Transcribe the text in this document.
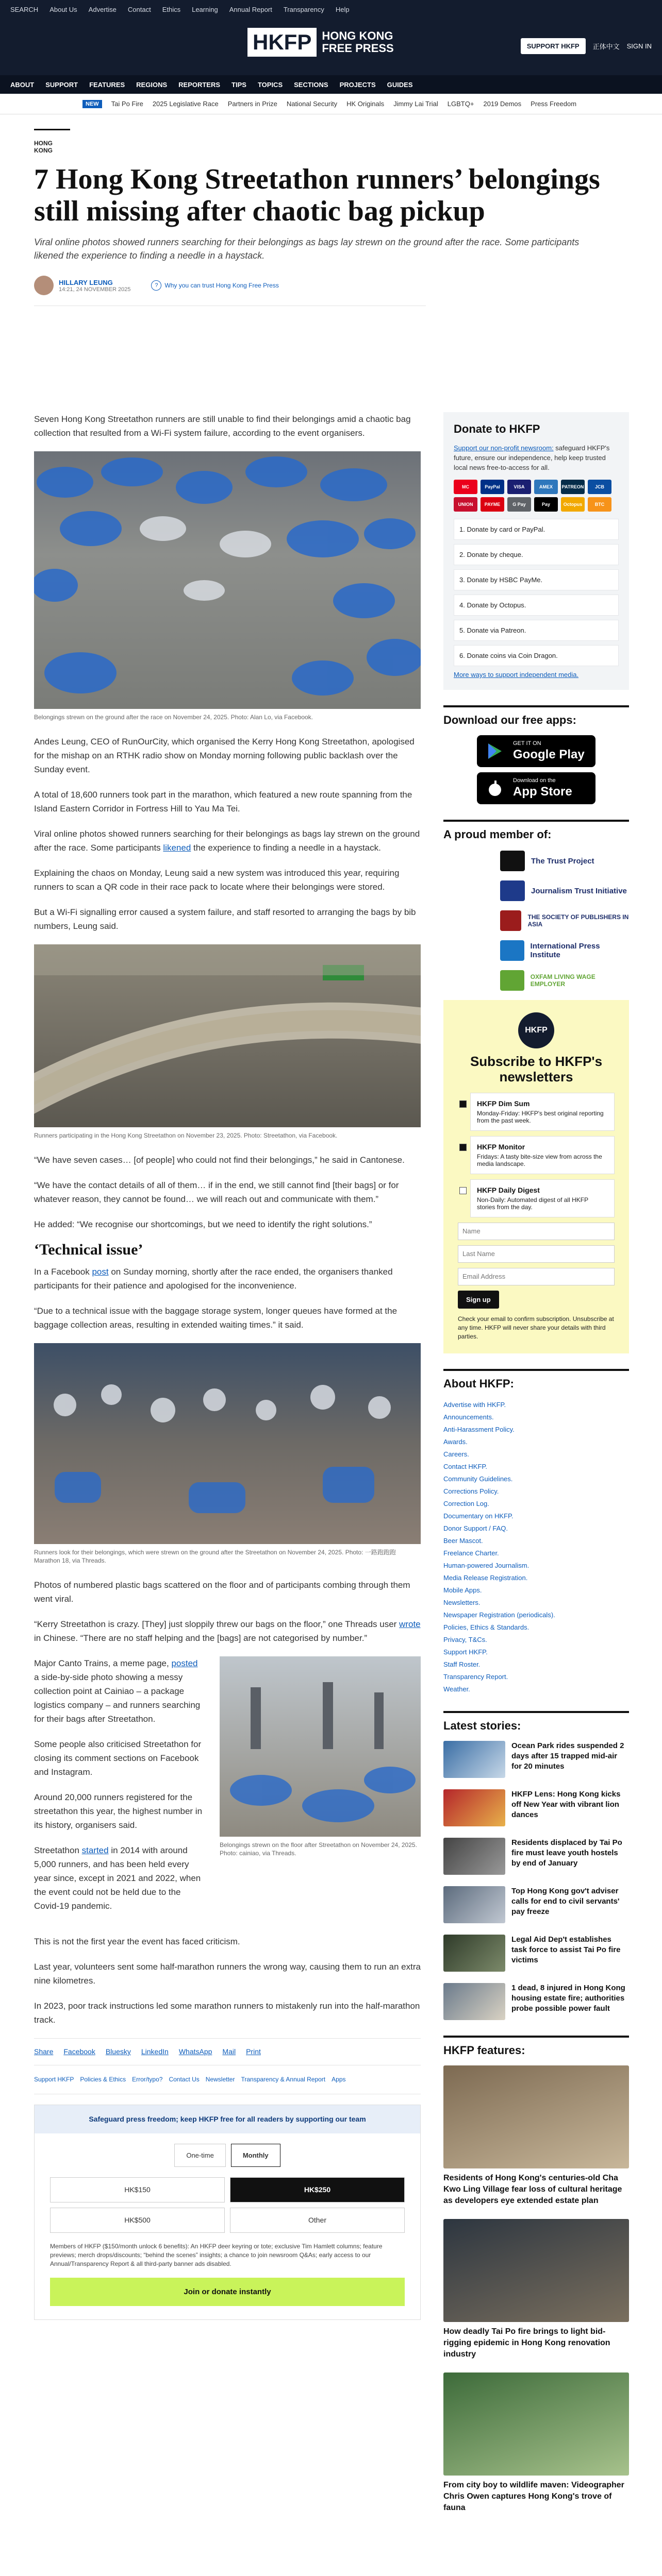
SEARCH About Us Advertise Contact Ethics Learning Annual Report Transparency Help
HKFP HONG KONG FREE PRESS	SUPPORT HKFP	正体中文 SIGN IN
ABOUT SUPPORT FEATURES REGIONS REPORTERS TIPS TOPICS SECTIONS PROJECTS GUIDES
NEW	Tai Po Fire 2025 Legislative Race Partners in Prize National Security HK Originals Jimmy Lai Trial LGBTQ+ 2019 Demos Press Freedom
HONG KONG
7 Hong Kong Streetathon runners’ belongings still missing after chaotic bag pickup
Viral online photos showed runners searching for their belongings as bags lay strewn on the ground after the race. Some participants likened the experience to finding a needle in a haystack.
HILLARY LEUNG
14:21, 24 NOVEMBER 2025
?	Why you can trust Hong Kong Free Press

Seven Hong Kong Streetathon runners are still unable to find their belongings amid a chaotic bag collection that resulted from a Wi-Fi system failure, according to the event organisers.

Belongings strewn on the ground after the race on November 24, 2025. Photo: Alan Lo, via Facebook.

Andes Leung, CEO of RunOurCity, which organised the Kerry Hong Kong Streetathon, apologised for the mishap on an RTHK radio show on Monday morning following public backlash over the Sunday event.

A total of 18,600 runners took part in the marathon, which featured a new route spanning from the Island Eastern Corridor in Fortress Hill to Yau Ma Tei.

Viral online photos showed runners searching for their belongings as bags lay strewn on the ground after the race. Some participants likened the experience to finding a needle in a haystack.

Explaining the chaos on Monday, Leung said a new system was introduced this year, requiring runners to scan a QR code in their race pack to locate where their belongings were stored.

But a Wi-Fi signalling error caused a system failure, and staff resorted to arranging the bags by bib numbers, Leung said.

Runners participating in the Hong Kong Streetathon on November 23, 2025. Photo: Streetathon, via Facebook.

“We have seven cases… [of people] who could not find their belongings,” he said in Cantonese.

“We have the contact details of all of them… if in the end, we still cannot find [their bags] or for whatever reason, they cannot be found… we will reach out and communicate with them.”

He added: “We recognise our shortcomings, but we need to identify the right solutions.”

‘Technical issue’

In a Facebook post on Sunday morning, shortly after the race ended, the organisers thanked participants for their patience and apologised for the inconvenience.

“Due to a technical issue with the baggage storage system, longer queues have formed at the baggage collection areas, resulting in extended waiting times.” it said.

Runners look for their belongings, which were strewn on the ground after the Streetathon on November 24, 2025. Photo: 一路跑跑跑Marathon 18, via Threads.

Photos of numbered plastic bags scattered on the floor and of participants combing through them went viral.

“Kerry Streetathon is crazy. [They] just sloppily threw our bags on the floor,” one Threads user wrote in Chinese. “There are no staff helping and the [bags] are not categorised by number.”

Major Canto Trains, a meme page, posted a side-by-side photo showing a messy collection point at Cainiao – a package logistics company – and runners searching for their bags after Streetathon.

Some people also criticised Streetathon for closing its comment sections on Facebook and Instagram.

Around 20,000 runners registered for the streetathon this year, the highest number in its history, organisers said.

Streetathon started in 2014 with around 5,000 runners, and has been held every year since, except in 2021 and 2022, when the event could not be held due to the Covid-19 pandemic.

Belongings strewn on the floor after Streetathon on November 24, 2025. Photo: cainiao, via Threads.

This is not the first year the event has faced criticism.

Last year, volunteers sent some half-marathon runners the wrong way, causing them to run an extra nine kilometres.

In 2023, poor track instructions led some marathon runners to mistakenly run into the half-marathon track.

Share Facebook Bluesky LinkedIn WhatsApp Mail Print
Support HKFP Policies & Ethics Error/typo? Contact Us Newsletter Transparency & Annual Report Apps
Safeguard press freedom; keep HKFP free for all readers by supporting our team
One-time	Monthly
HK$150	HK$250
HK$500	Other
Members of HKFP ($150/month unlock 6 benefits): An HKFP deer keyring or tote; exclusive Tim Hamlett columns; feature previews; merch drops/discounts; “behind the scenes” insights; a chance to join newsroom Q&As; early access to our Annual/Transparency Report & all third-party banner ads disabled.
Join or donate instantly
Donate to HKFP

Support our non-profit newsroom: safeguard HKFP's future, ensure our independence, help keep trusted local news free-to-access for all.

MC	PayPal	VISA	AMEX	PATREON	JCB
UNION	PAYME	G Pay	Pay	Octopus	BTC
1. Donate by card or PayPal.
2. Donate by cheque.
3. Donate by HSBC PayMe.
4. Donate by Octopus.
5. Donate via Patreon.
6. Donate coins via Coin Dragon.
More ways to support independent media.
Download our free apps:
GET IT ON
Google Play
Download on the
App Store
A proud member of:
The Trust Project
Journalism Trust Initiative
THE SOCIETY OF PUBLISHERS IN ASIA
International Press Institute
OXFAM LIVING WAGE EMPLOYER
HKFP
Subscribe to HKFP's newsletters
HKFP Dim Sum
Monday-Friday: HKFP's best original reporting from the past week.
HKFP Monitor
Fridays: A tasty bite-size view from across the media landscape.
HKFP Daily Digest
Non-Daily: Automated digest of all HKFP stories from the day.
Name
Last Name
Email Address
Sign up

Check your email to confirm subscription. Unsubscribe at any time. HKFP will never share your details with third parties.

About HKFP:
Advertise with HKFP.
Announcements.
Anti-Harassment Policy.
Awards.
Careers.
Contact HKFP.
Community Guidelines.
Corrections Policy.
Correction Log.
Documentary on HKFP.
Donor Support / FAQ.
Beer Mascot.
Freelance Charter.
Human-powered Journalism.
Media Release Registration.
Mobile Apps.
Newsletters.
Newspaper Registration (periodicals).
Policies, Ethics & Standards.
Privacy, T&Cs.
Support HKFP.
Staff Roster.
Transparency Report.
Weather.
Latest stories:
Ocean Park rides suspended 2 days after 15 trapped mid-air for 20 minutes
HKFP Lens: Hong Kong kicks off New Year with vibrant lion dances
Residents displaced by Tai Po fire must leave youth hostels by end of January
Top Hong Kong gov't adviser calls for end to civil servants' pay freeze
Legal Aid Dep't establishes task force to assist Tai Po fire victims
1 dead, 8 injured in Hong Kong housing estate fire; authorities probe possible power fault
HKFP features:
Residents of Hong Kong's centuries-old Cha Kwo Ling Village fear loss of cultural heritage as developers eye extended estate plan
How deadly Tai Po fire brings to light bid-rigging epidemic in Hong Kong renovation industry
From city boy to wildlife maven: Videographer Chris Owen captures Hong Kong's trove of fauna
